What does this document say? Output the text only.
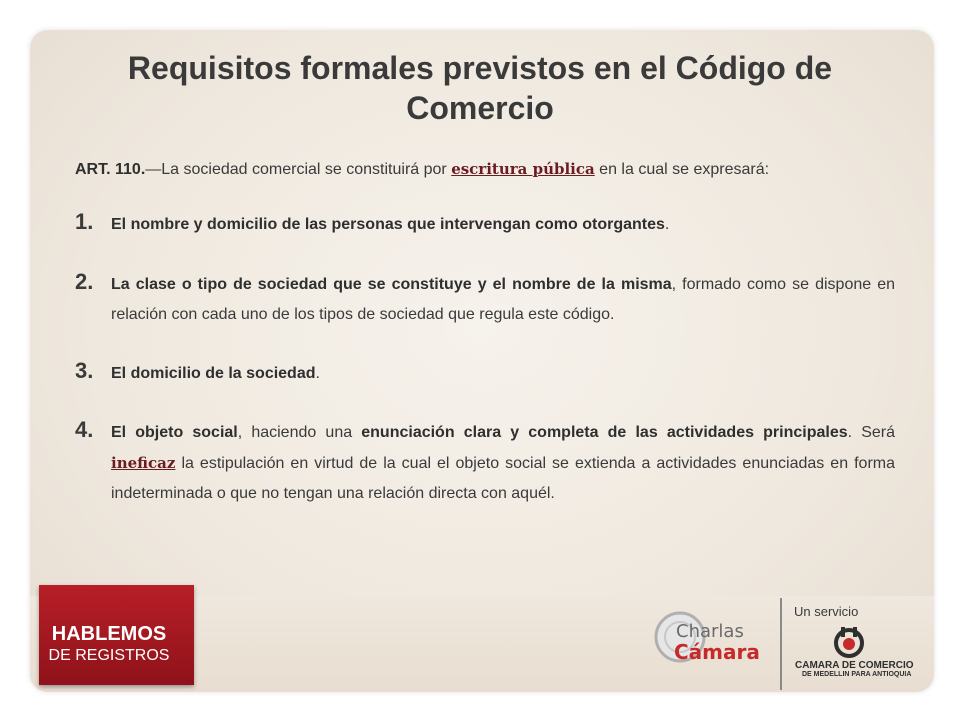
Requisitos formales previstos en el Código de Comercio
ART. 110.—La sociedad comercial se constituirá por escritura pública en la cual se expresará:
1. El nombre y domicilio de las personas que intervengan como otorgantes.
2. La clase o tipo de sociedad que se constituye y el nombre de la misma, formado como se dispone en relación con cada uno de los tipos de sociedad que regula este código.
3. El domicilio de la sociedad.
4. El objeto social, haciendo una enunciación clara y completa de las actividades principales. Será ineficaz la estipulación en virtud de la cual el objeto social se extienda a actividades enunciadas en forma indeterminada o que no tengan una relación directa con aquél.
HABLEMOS
DE REGISTROS
Charlas
Cámara
Un servicio
CAMARA DE COMERCIO
DE MEDELLIN PARA ANTIOQUIA
